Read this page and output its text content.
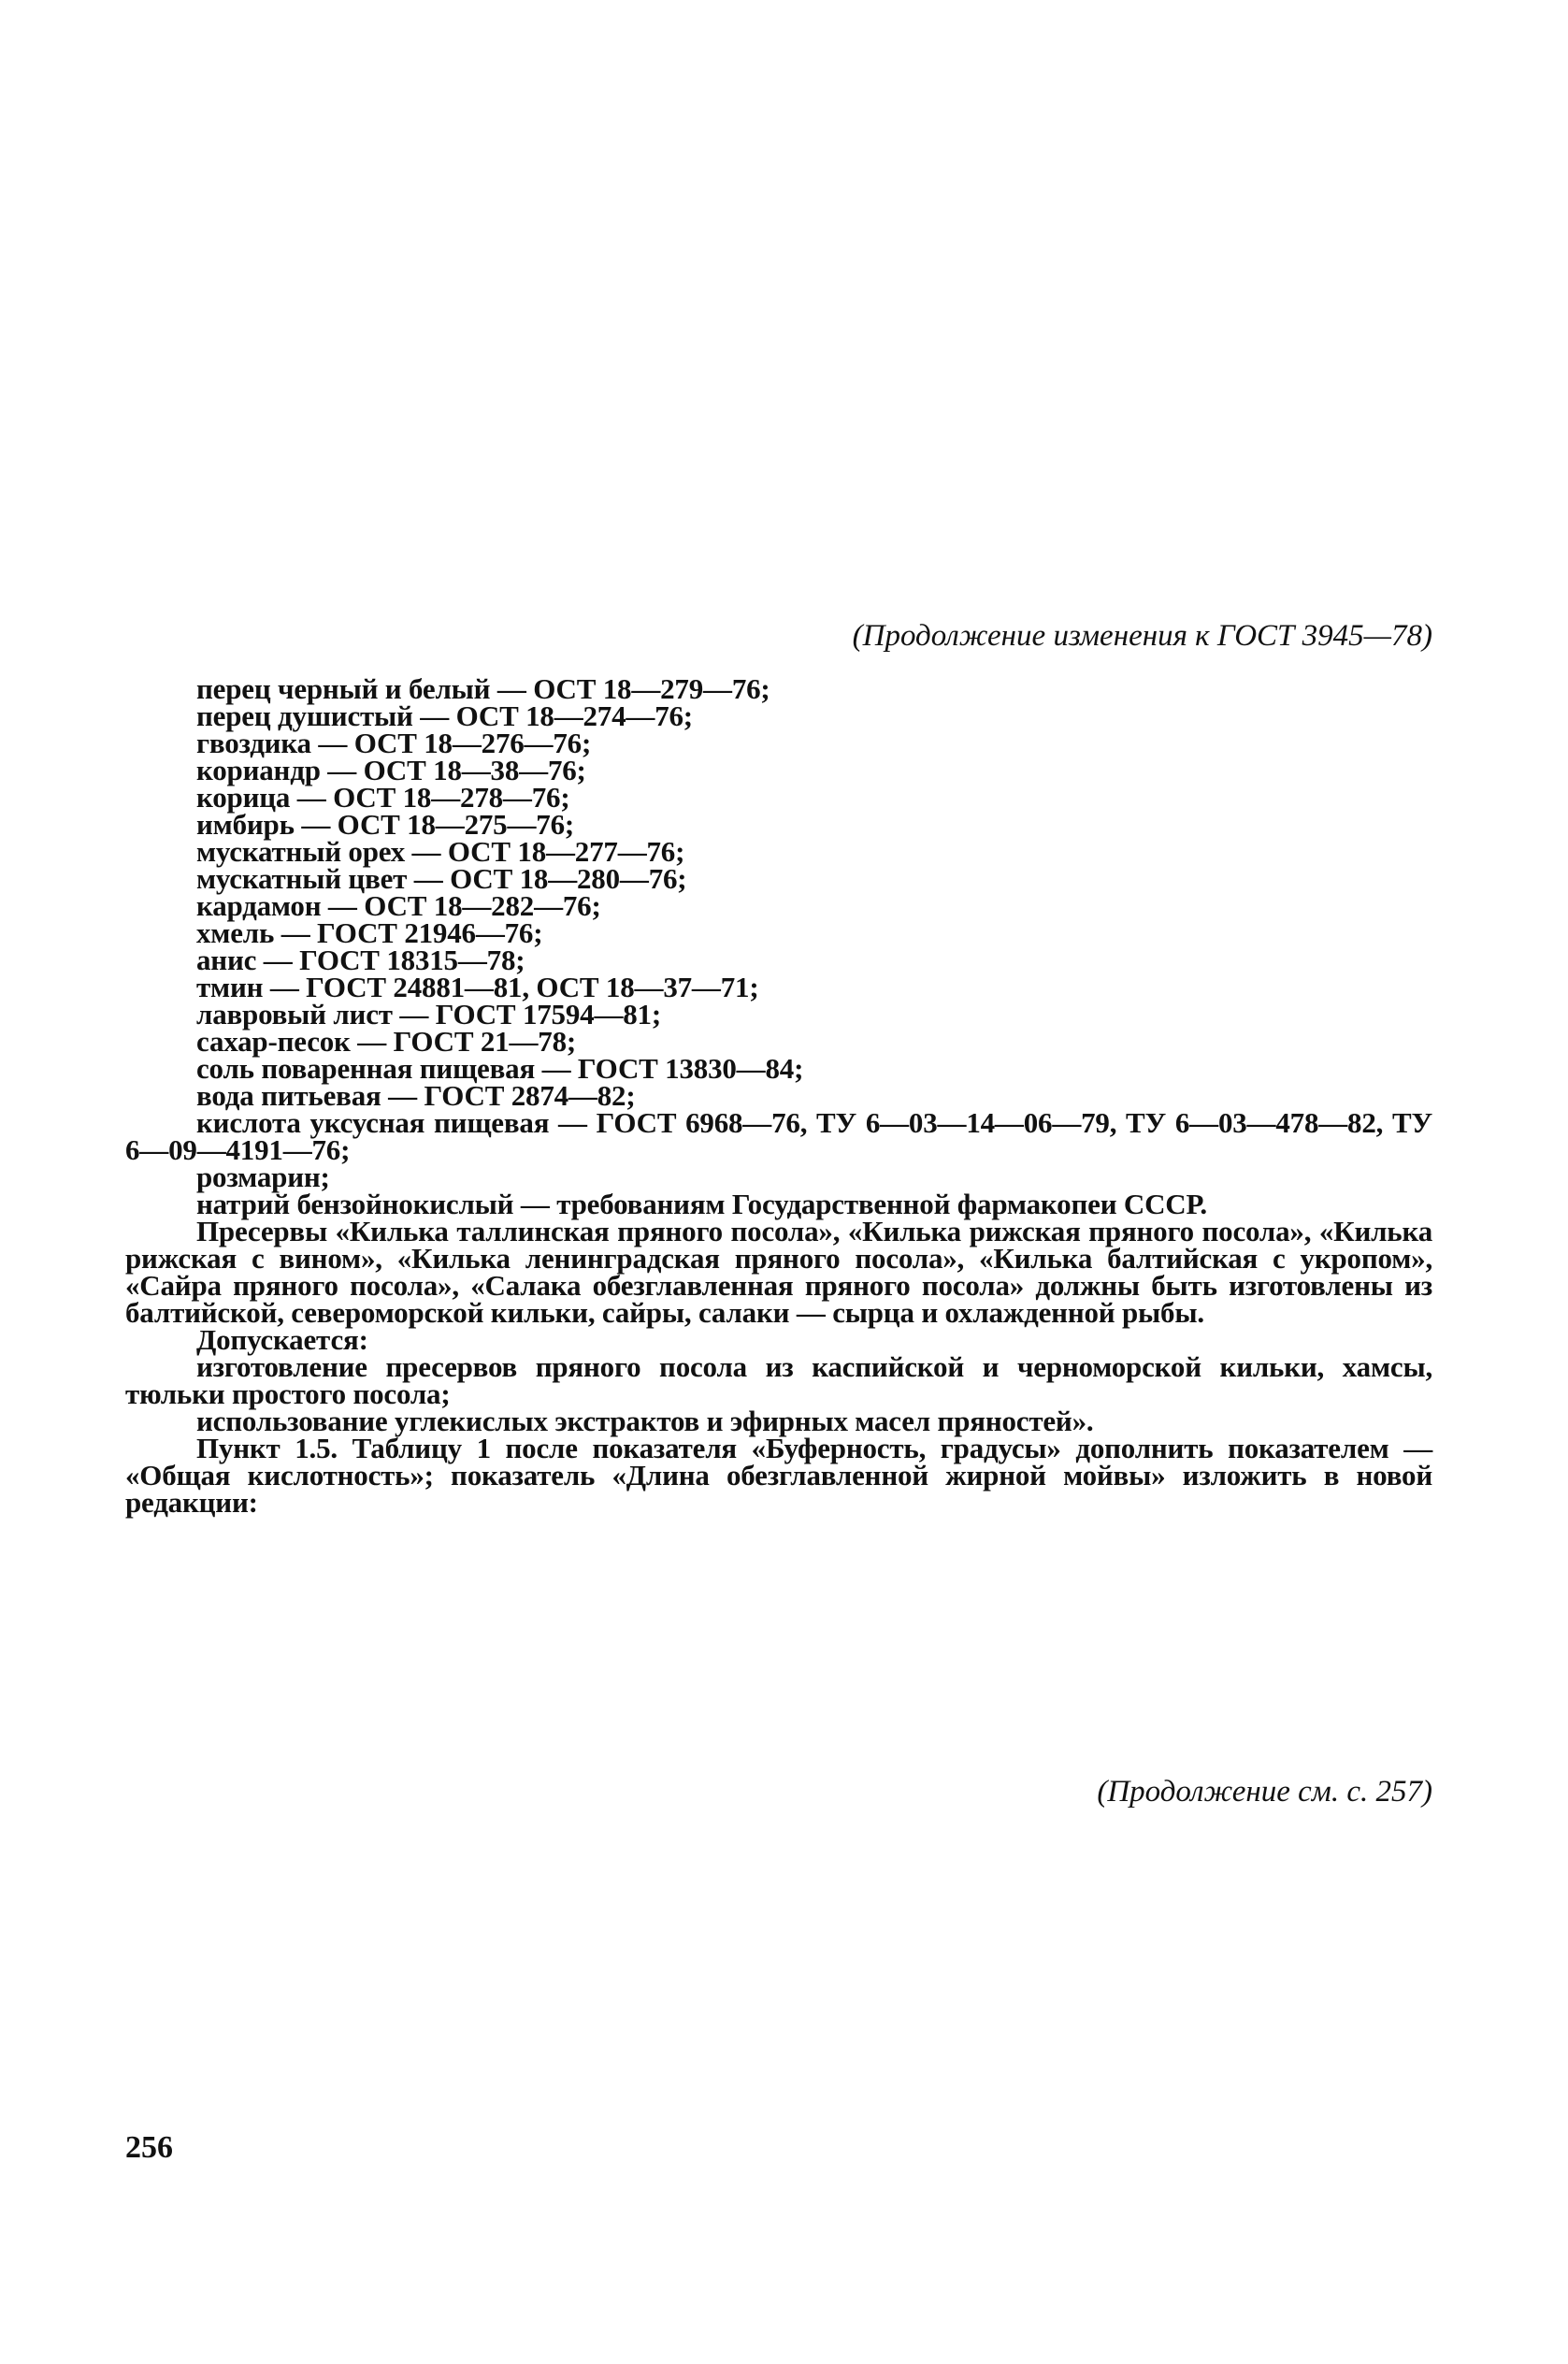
(Продолжение изменения к ГОСТ 3945—78)
перец черный и белый — ОСТ 18—279—76;
перец душистый — ОСТ 18—274—76;
гвоздика — ОСТ 18—276—76;
кориандр — ОСТ 18—38—76;
корица — ОСТ 18—278—76;
имбирь — ОСТ 18—275—76;
мускатный орех — ОСТ 18—277—76;
мускатный цвет — ОСТ 18—280—76;
кардамон — ОСТ 18—282—76;
хмель — ГОСТ 21946—76;
анис — ГОСТ 18315—78;
тмин — ГОСТ 24881—81, ОСТ 18—37—71;
лавровый лист — ГОСТ 17594—81;
сахар-песок — ГОСТ 21—78;
соль поваренная пищевая — ГОСТ 13830—84;
вода питьевая — ГОСТ 2874—82;
кислота уксусная пищевая — ГОСТ 6968—76, ТУ 6—03—14—06—79, ТУ 6—03—478—82, ТУ 6—09—4191—76;
розмарин;
натрий бензойнокислый — требованиям Государственной фармакопеи СССР.
Пресервы «Килька таллинская пряного посола», «Килька рижская пряного посола», «Килька рижская с вином», «Килька ленинградская пряного посола», «Килька балтийская с укропом», «Сайра пряного посола», «Салака обезглавленная пряного посола» должны быть изготовлены из балтийской, североморской кильки, сайры, салаки — сырца и охлажденной рыбы.
Допускается:
изготовление пресервов пряного посола из каспийской и черноморской кильки, хамсы, тюльки простого посола;
использование углекислых экстрактов и эфирных масел пряностей».
Пункт 1.5. Таблицу 1 после показателя «Буферность, градусы» дополнить показателем — «Общая кислотность»; показатель «Длина обезглавленной жирной мойвы» изложить в новой редакции:
(Продолжение см. с. 257)
256
